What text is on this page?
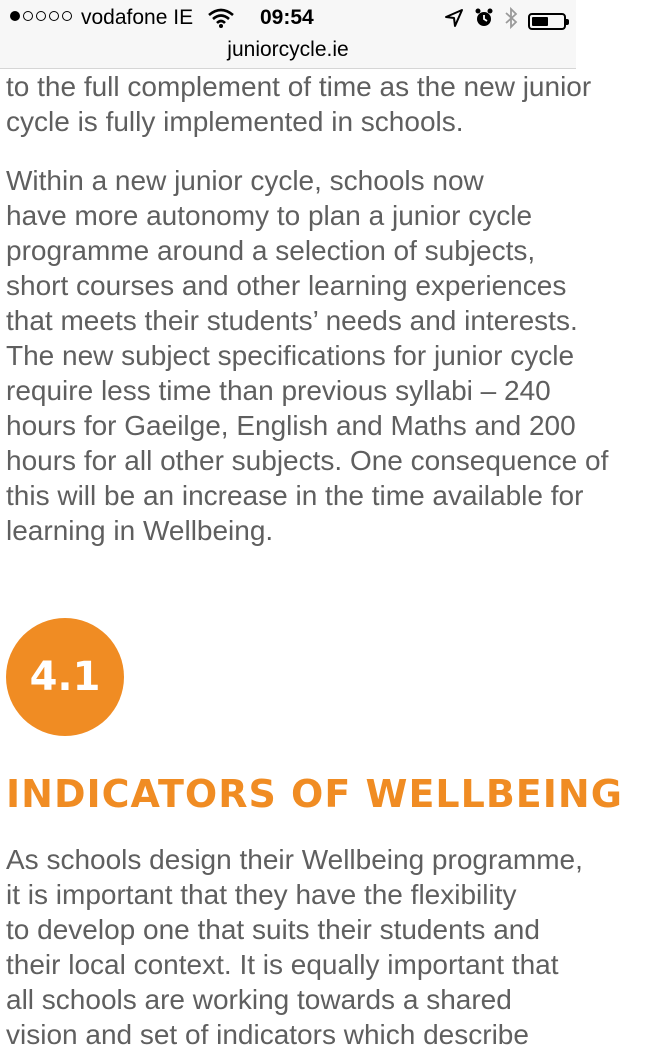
vodafone IE	09:54
juniorcycle.ie
to the full complement of time as the new junior
cycle is fully implemented in schools.
Within a new junior cycle, schools now
have more autonomy to plan a junior cycle
programme around a selection of subjects,
short courses and other learning experiences
that meets their students’ needs and interests.
The new subject specifications for junior cycle
require less time than previous syllabi – 240
hours for Gaeilge, English and Maths and 200
hours for all other subjects. One consequence of
this will be an increase in the time available for
learning in Wellbeing.
4.1
INDICATORS OF WELLBEING
As schools design their Wellbeing programme,
it is important that they have the flexibility
to develop one that suits their students and
their local context. It is equally important that
all schools are working towards a shared
vision and set of indicators which describe
